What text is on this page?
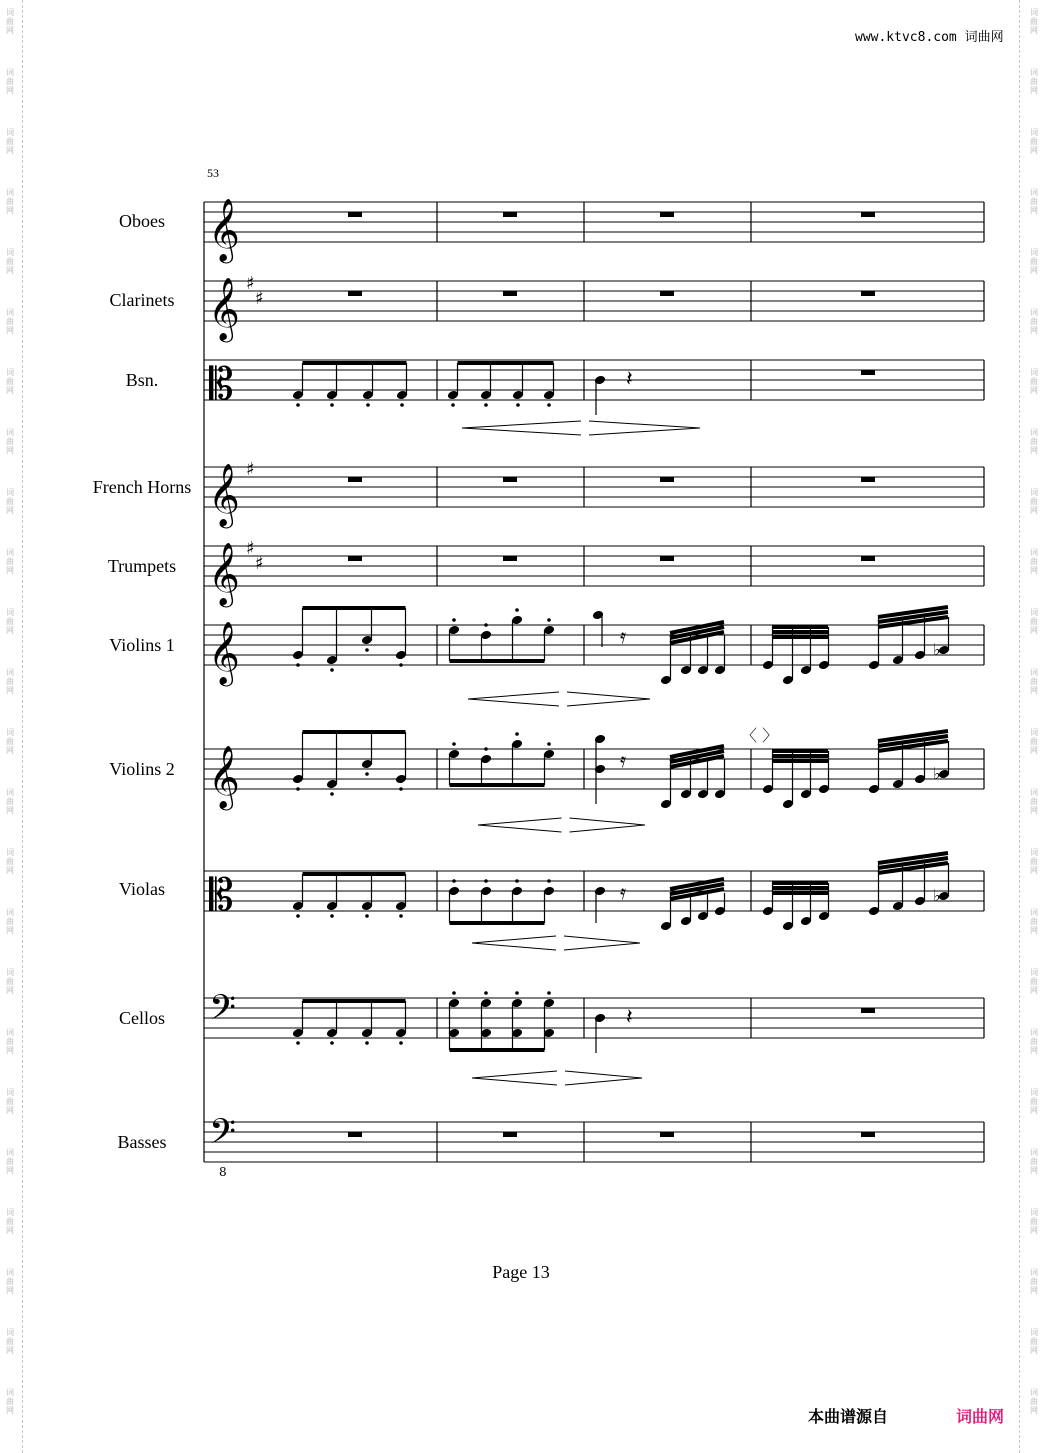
词
曲
网
词
曲
网
词
曲
网
词
曲
网
词
曲
网
词
曲
网
词
曲
网
词
曲
网
词
曲
网
词
曲
网
词
曲
网
词
曲
网
词
曲
网
词
曲
网
词
曲
网
词
曲
网
词
曲
网
词
曲
网
词
曲
网
词
曲
网
词
曲
网
词
曲
网
词
曲
网
词
曲
网
词
曲
网
词
曲
网
词
曲
网
词
曲
网
词
曲
网
词
曲
网
词
曲
网
词
曲
网
词
曲
网
词
曲
网
词
曲
网
词
曲
网
词
曲
网
词
曲
网
词
曲
网
词
曲
网
词
曲
网
词
曲
网
词
曲
网
词
曲
网
词
曲
网
词
曲
网
词
曲
网
词
曲
网
www.ktvc8.com 词曲网
53
Oboes
Clarinets
Bsn.
French Horns
Trumpets
Violins 1
Violins 2
Violas
Cellos
Basses
𝄞
𝄞 ♯
♯
𝄡
𝄞 ♯
𝄞 ♯
♯
𝄞
𝄞
𝄡
𝄢
𝄢
8
𝄽
𝄿
♭
𝄿
♭
〈 〉
𝄿	♭
𝄽
Page 13
本曲谱源自	词曲网
